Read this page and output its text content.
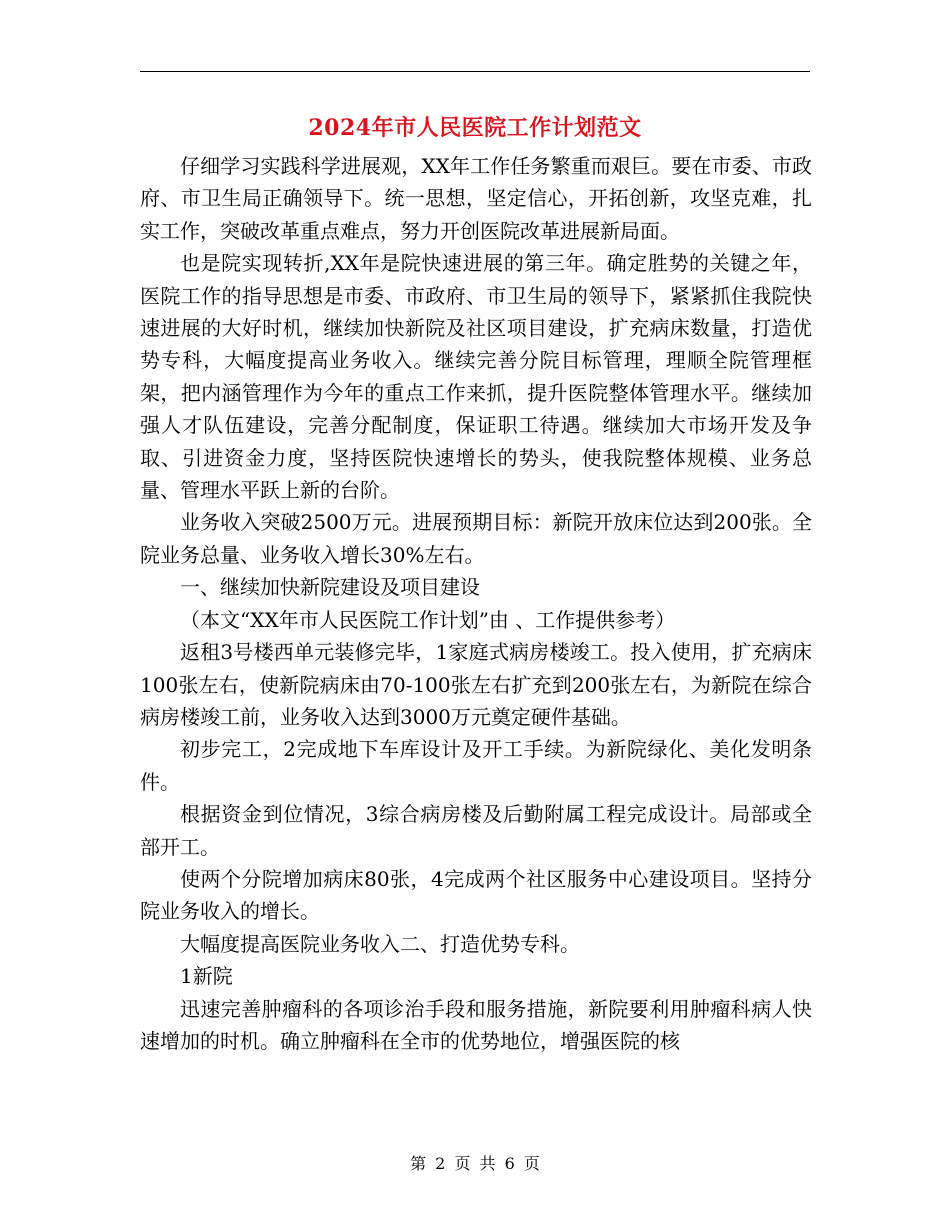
2024年市人民医院工作计划范文

仔细学习实践科学进展观，XX年工作任务繁重而艰巨。要在市委、市政府、市卫生局正确领导下。统一思想，坚定信心，开拓创新，攻坚克难，扎实工作，突破改革重点难点，努力开创医院改革进展新局面。

也是院实现转折,XX年是院快速进展的第三年。确定胜势的关键之年，医院工作的指导思想是市委、市政府、市卫生局的领导下，紧紧抓住我院快速进展的大好时机，继续加快新院及社区项目建设，扩充病床数量，打造优势专科，大幅度提高业务收入。继续完善分院目标管理，理顺全院管理框架，把内涵管理作为今年的重点工作来抓，提升医院整体管理水平。继续加强人才队伍建设，完善分配制度，保证职工待遇。继续加大市场开发及争取、引进资金力度，坚持医院快速增长的势头，使我院整体规模、业务总量、管理水平跃上新的台阶。

业务收入突破2500万元。进展预期目标：新院开放床位达到200张。全院业务总量、业务收入增长30%左右。

一、继续加快新院建设及项目建设

（本文“XX年市人民医院工作计划”由 、工作提供参考）

返租3号楼西单元装修完毕，1家庭式病房楼竣工。投入使用，扩充病床100张左右，使新院病床由70-100张左右扩充到200张左右，为新院在综合病房楼竣工前，业务收入达到3000万元奠定硬件基础。

初步完工，2完成地下车库设计及开工手续。为新院绿化、美化发明条件。

根据资金到位情况，3综合病房楼及后勤附属工程完成设计。局部或全部开工。

使两个分院增加病床80张，4完成两个社区服务中心建设项目。坚持分院业务收入的增长。

大幅度提高医院业务收入二、打造优势专科。

1新院

迅速完善肿瘤科的各项诊治手段和服务措施，新院要利用肿瘤科病人快速增加的时机。确立肿瘤科在全市的优势地位，增强医院的核

第 2 页 共 6 页
